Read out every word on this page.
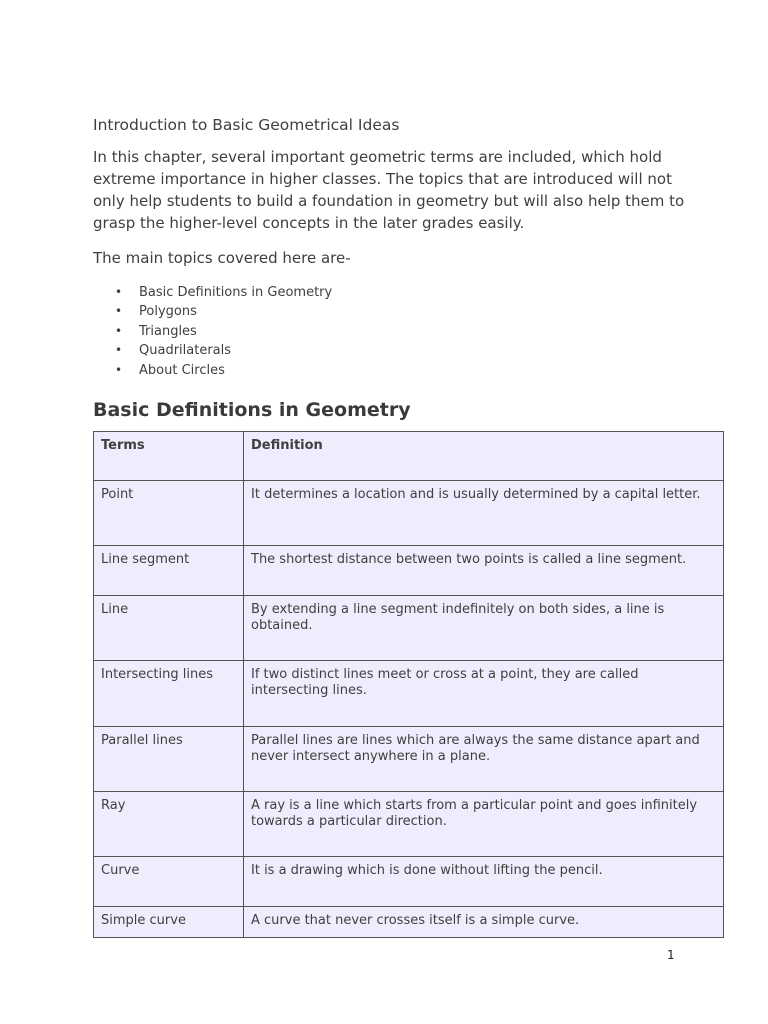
Introduction to Basic Geometrical Ideas

In this chapter, several important geometric terms are included, which hold extreme importance in higher classes. The topics that are introduced will not only help students to build a foundation in geometry but will also help them to grasp the higher-level concepts in the later grades easily.

The main topics covered here are-

• Basic Definitions in Geometry
• Polygons
• Triangles
• Quadrilaterals
• About Circles
Basic Definitions in Geometry
Terms	Definition
Point	It determines a location and is usually determined by a capital letter.
Line segment	The shortest distance between two points is called a line segment.
Line	By extending a line segment indefinitely on both sides, a line is obtained.
Intersecting lines	If two distinct lines meet or cross at a point, they are called intersecting lines.
Parallel lines	Parallel lines are lines which are always the same distance apart and never intersect anywhere in a plane.
Ray	A ray is a line which starts from a particular point and goes infinitely towards a particular direction.
Curve	It is a drawing which is done without lifting the pencil.
Simple curve	A curve that never crosses itself is a simple curve.
1
